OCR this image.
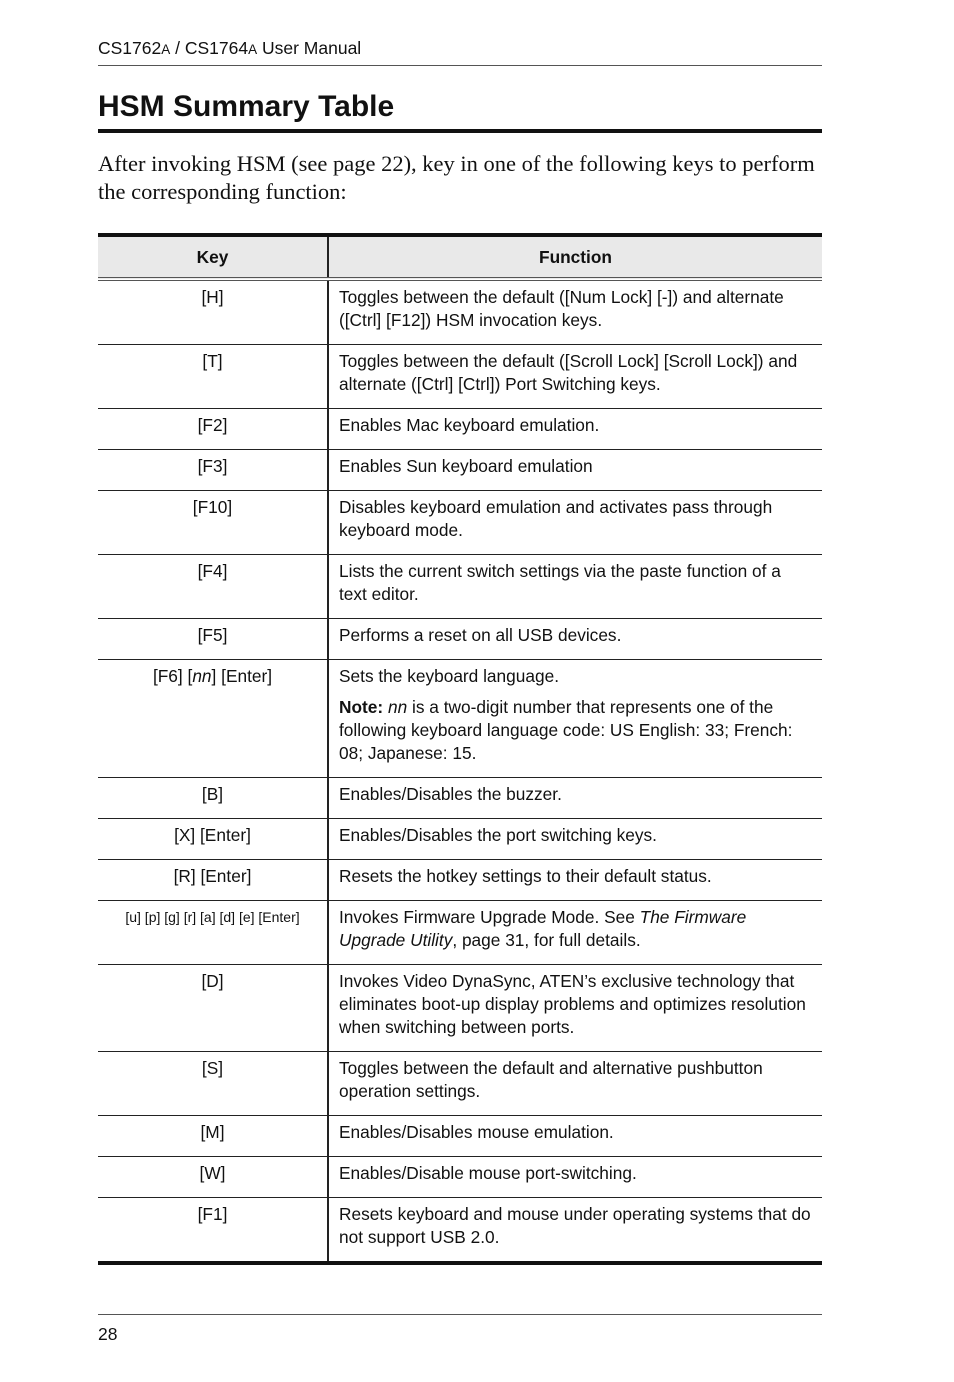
CS1762A / CS1764A User Manual
HSM Summary Table

After invoking HSM (see page 22), key in one of the following keys to perform the corresponding function:

Key	Function
[H]	Toggles between the default ([Num Lock] [-]) and alternate ([Ctrl] [F12]) HSM invocation keys.
[T]	Toggles between the default ([Scroll Lock] [Scroll Lock]) and alternate ([Ctrl] [Ctrl]) Port Switching keys.
[F2]	Enables Mac keyboard emulation.
[F3]	Enables Sun keyboard emulation
[F10]	Disables keyboard emulation and activates pass through keyboard mode.
[F4]	Lists the current switch settings via the paste function of a text editor.
[F5]	Performs a reset on all USB devices.
[F6] [nn] [Enter]	Sets the keyboard language.

Note: nn is a two-digit number that represents one of the following keyboard language code: US English: 33; French: 08; Japanese: 15.

[B]	Enables/Disables the buzzer.
[X] [Enter]	Enables/Disables the port switching keys.
[R] [Enter]	Resets the hotkey settings to their default status.
[u] [p] [g] [r] [a] [d] [e] [Enter]	Invokes Firmware Upgrade Mode. See The Firmware Upgrade Utility, page 31, for full details.
[D]	Invokes Video DynaSync, ATEN’s exclusive technology that eliminates boot-up display problems and optimizes resolution when switching between ports.
[S]	Toggles between the default and alternative pushbutton operation settings.
[M]	Enables/Disables mouse emulation.
[W]	Enables/Disable mouse port-switching.
[F1]	Resets keyboard and mouse under operating systems that do not support USB 2.0.
28
